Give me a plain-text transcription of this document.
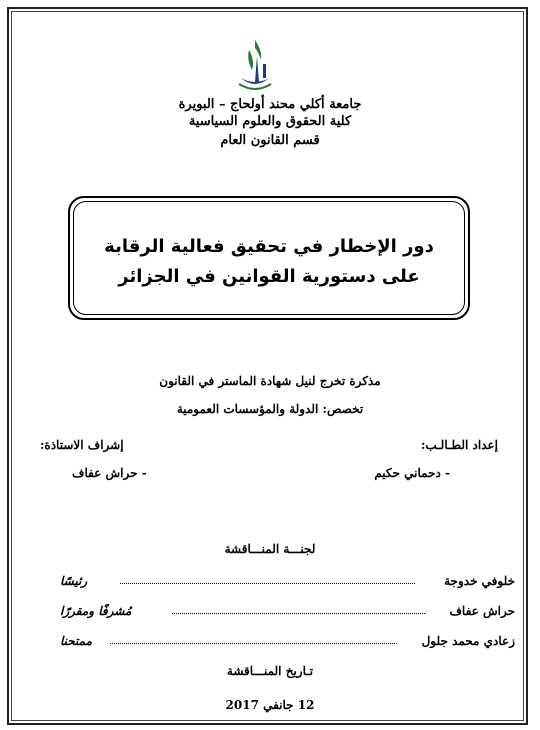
جامعة أكلي محند أولحاج – البويرة
كلية الحقوق والعلوم السياسية
قسم القانون العام
دور الإخطار في تحقيق فعالية الرقابة
على دستورية القوانين في الجزائر
مذكرة تخرج لنيل شهادة الماستر في القانون
تخصص: الدولة والمؤسسات العمومية
إعداد الطـالـب:
- دحماني حكيم
إشراف الاستاذة:
- حراش عفاف
لجنـــة المنـــاقشة
خلوفي خدوجة
رئيسًا
حراش عفاف
مُشرفًا ومقررًا
زعادي محمد جلول
ممتحنا
تـاريخ المنـــاقشة
12 جانفي 2017
